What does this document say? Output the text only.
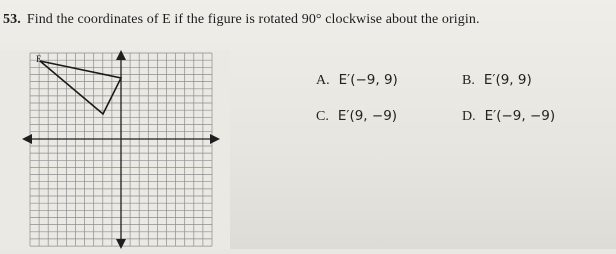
53. Find the coordinates of E if the figure is rotated 90° clockwise about the origin.
E
A. E′(−9, 9)	B. E′(9, 9)
C. E′(9, −9)	D. E′(−9, −9)
